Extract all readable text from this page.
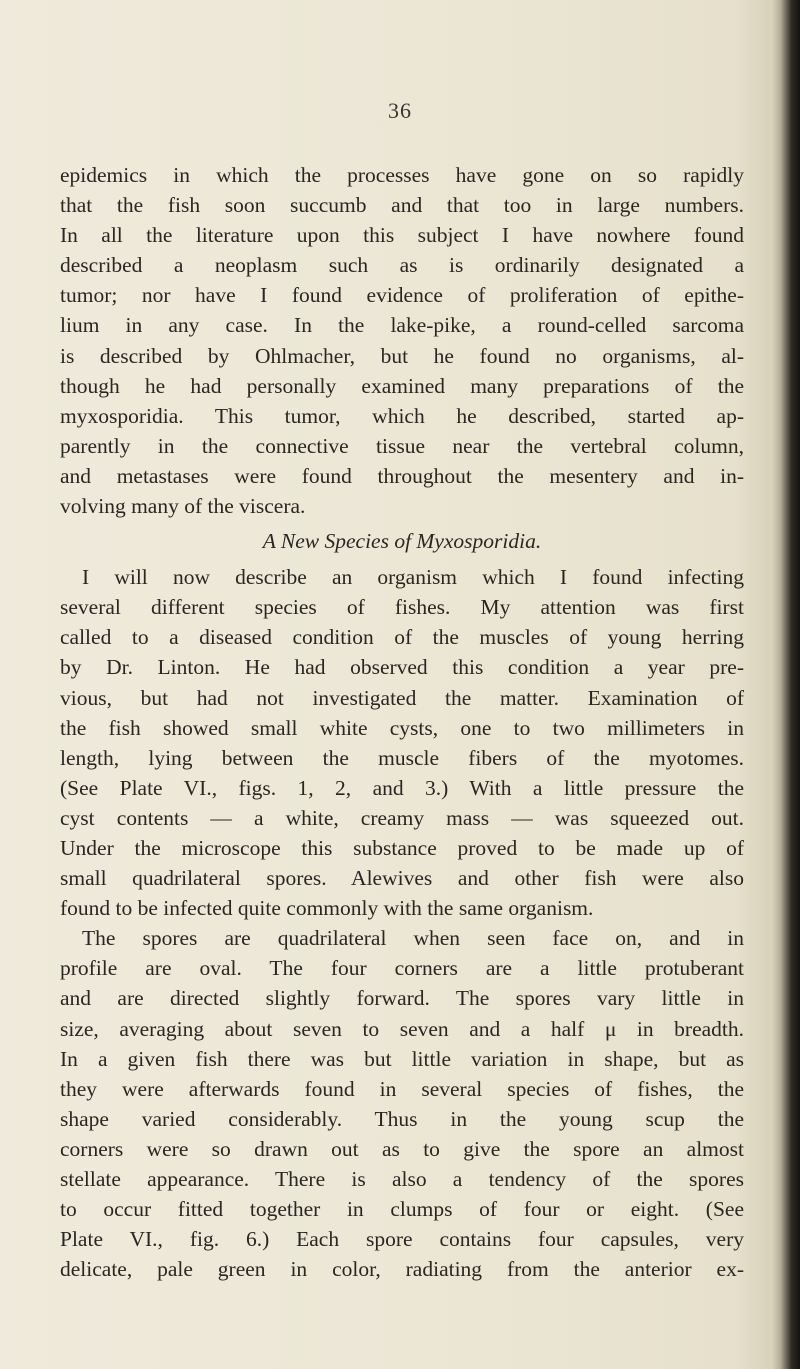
36
epidemics in which the processes have gone on so rapidly
that the fish soon succumb and that too in large numbers.
In all the literature upon this subject I have nowhere found
described a neoplasm such as is ordinarily designated a
tumor; nor have I found evidence of proliferation of epithe-
lium in any case. In the lake-pike, a round-celled sarcoma
is described by Ohlmacher, but he found no organisms, al-
though he had personally examined many preparations of the
myxosporidia. This tumor, which he described, started ap-
parently in the connective tissue near the vertebral column,
and metastases were found throughout the mesentery and in-
volving many of the viscera.
A New Species of Myxosporidia.
I will now describe an organism which I found infecting
several different species of fishes. My attention was first
called to a diseased condition of the muscles of young herring
by Dr. Linton. He had observed this condition a year pre-
vious, but had not investigated the matter. Examination of
the fish showed small white cysts, one to two millimeters in
length, lying between the muscle fibers of the myotomes.
(See Plate VI., figs. 1, 2, and 3.) With a little pressure the
cyst contents — a white, creamy mass — was squeezed out.
Under the microscope this substance proved to be made up of
small quadrilateral spores. Alewives and other fish were also
found to be infected quite commonly with the same organism.
The spores are quadrilateral when seen face on, and in
profile are oval. The four corners are a little protuberant
and are directed slightly forward. The spores vary little in
size, averaging about seven to seven and a half μ in breadth.
In a given fish there was but little variation in shape, but as
they were afterwards found in several species of fishes, the
shape varied considerably. Thus in the young scup the
corners were so drawn out as to give the spore an almost
stellate appearance. There is also a tendency of the spores
to occur fitted together in clumps of four or eight. (See
Plate VI., fig. 6.) Each spore contains four capsules, very
delicate, pale green in color, radiating from the anterior ex-
